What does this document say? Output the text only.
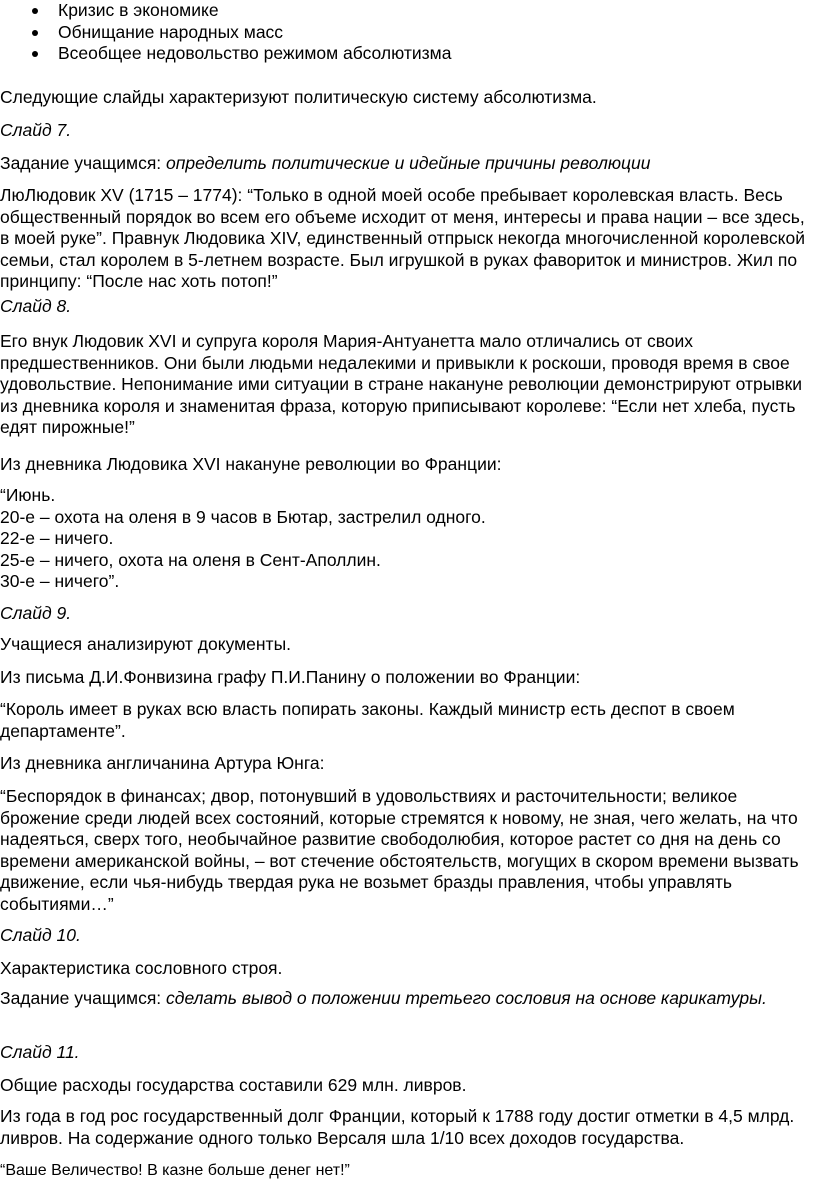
Кризис в экономике
Обнищание народных масс
Всеобщее недовольство режимом абсолютизма

Следующие слайды характеризуют политическую систему абсолютизма.

Слайд 7.

Задание учащимся: определить политические и идейные причины революции

ЛюЛюдовик XV (1715 – 1774): “Только в одной моей особе пребывает королевская власть. Весь общественный порядок во всем его объеме исходит от меня, интересы и права нации – все здесь, в моей руке”. Правнук Людовика XIV, единственный отпрыск некогда многочисленной королевской семьи, стал королем в 5-летнем возрасте. Был игрушкой в руках фавориток и министров. Жил по принципу: “После нас хоть потоп!”

Слайд 8.

Его внук Людовик XVI и супруга короля Мария-Антуанетта мало отличались от своих предшественников. Они были людьми недалекими и привыкли к роскоши, проводя время в свое удовольствие. Непонимание ими ситуации в стране накануне революции демонстрируют отрывки из дневника короля и знаменитая фраза, которую приписывают королеве: “Если нет хлеба, пусть едят пирожные!”

Из дневника Людовика XVI накануне революции во Франции:

“Июнь.
20-е – охота на оленя в 9 часов в Бютар, застрелил одного.
22-е – ничего.
25-е – ничего, охота на оленя в Сент-Аполлин.
30-е – ничего”.

Слайд 9.

Учащиеся анализируют документы.

Из письма Д.И.Фонвизина графу П.И.Панину о положении во Франции:

“Король имеет в руках всю власть попирать законы. Каждый министр есть деспот в своем департаменте”.

Из дневника англичанина Артура Юнга:

“Беспорядок в финансах; двор, потонувший в удовольствиях и расточительности; великое брожение среди людей всех состояний, которые стремятся к новому, не зная, чего желать, на что надеяться, сверх того, необычайное развитие свободолюбия, которое растет со дня на день со времени американской войны, – вот стечение обстоятельств, могущих в скором времени вызвать движение, если чья-нибудь твердая рука не возьмет бразды правления, чтобы управлять событиями…”

Слайд 10.

Характеристика сословного строя.

Задание учащимся: сделать вывод о положении третьего сословия на основе карикатуры.

Слайд 11.

Общие расходы государства составили 629 млн. ливров.

Из года в год рос государственный долг Франции, который к 1788 году достиг отметки в 4,5 млрд. ливров. На содержание одного только Версаля шла 1/10 всех доходов государства.

“Ваше Величество! В казне больше денег нет!”
